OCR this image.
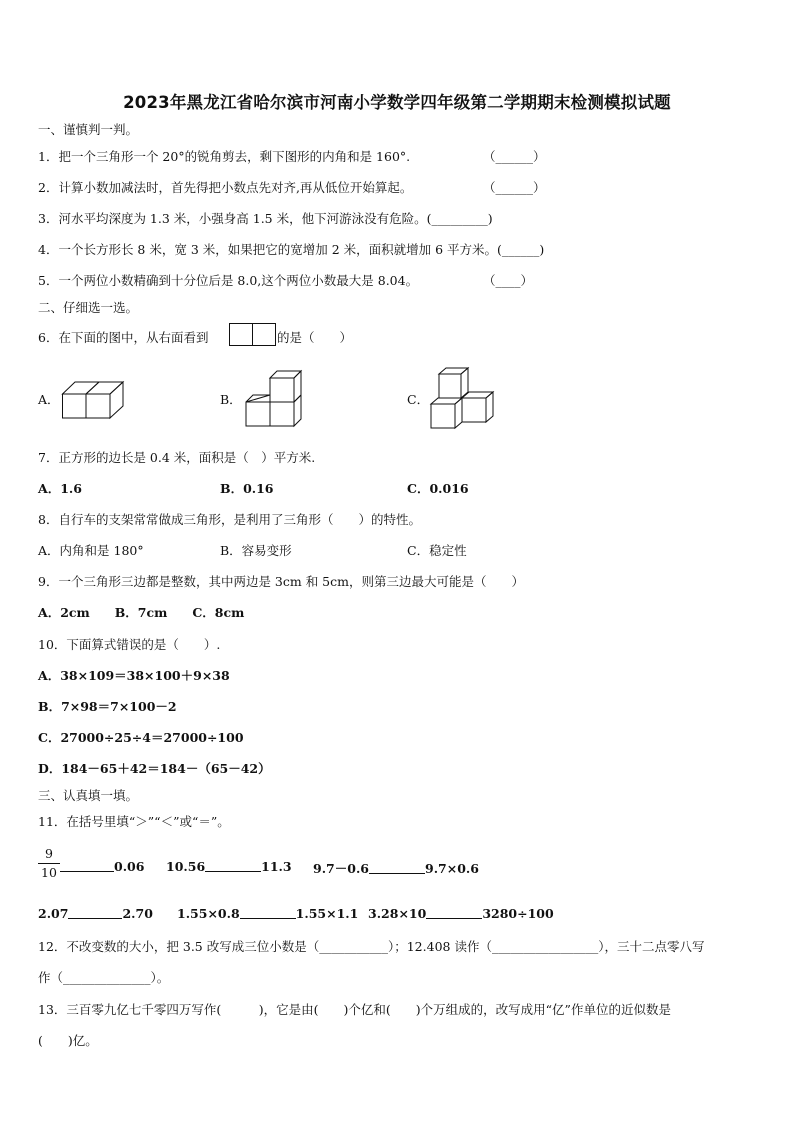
2023年黑龙江省哈尔滨市河南小学数学四年级第二学期期末检测模拟试题
一、谨慎判一判。
1．把一个三角形一个 20°的锐角剪去，剩下图形的内角和是 160°.	（______）
2．计算小数加减法时，首先得把小数点先对齐,再从低位开始算起。	（______）
3．河水平均深度为 1.3 米，小强身高 1.5 米，他下河游泳没有危险。(_________)
4．一个长方形长 8 米，宽 3 米，如果把它的宽增加 2 米，面积就增加 6 平方米。(______)
5．一个两位小数精确到十分位后是 8.0,这个两位小数最大是 8.04。	（____）
二、仔细选一选。
6．在下面的图中，从右面看到	的是（　　）
A．	B．	C．
7．正方形的边长是 0.4 米，面积是（　）平方米.
A．1.6	B．0.16	C．0.016
8．自行车的支架常常做成三角形，是利用了三角形（　　）的特性。
A．内角和是 180°	B．容易变形	C．稳定性
9．一个三角形三边都是整数，其中两边是 3cm 和 5cm，则第三边最大可能是（　　）
A．2cm　　B．7cm　　C．8cm
10．下面算式错误的是（　　）.
A．38×109＝38×100＋9×38
B．7×98＝7×100－2
C．27000÷25÷4＝27000÷100
D．184－65＋42＝184－（65－42）
三、认真填一填。
11．在括号里填“＞”“＜”或“＝”。
9
10	0.06 10.56	11.3 9.7－0.6	9.7×0.6
2.07	2.70 1.55×0.8	1.55×1.1 3.28×10	3280÷100
12．不改变数的大小，把 3.5 改写成三位小数是（___________）；12.408 读作（_________________），三十二点零八写
作（______________）。
13．三百零九亿七千零四万写作(　　　)，它是由(　　)个亿和(　　)个万组成的，改写成用“亿”作单位的近似数是
(　　)亿。
